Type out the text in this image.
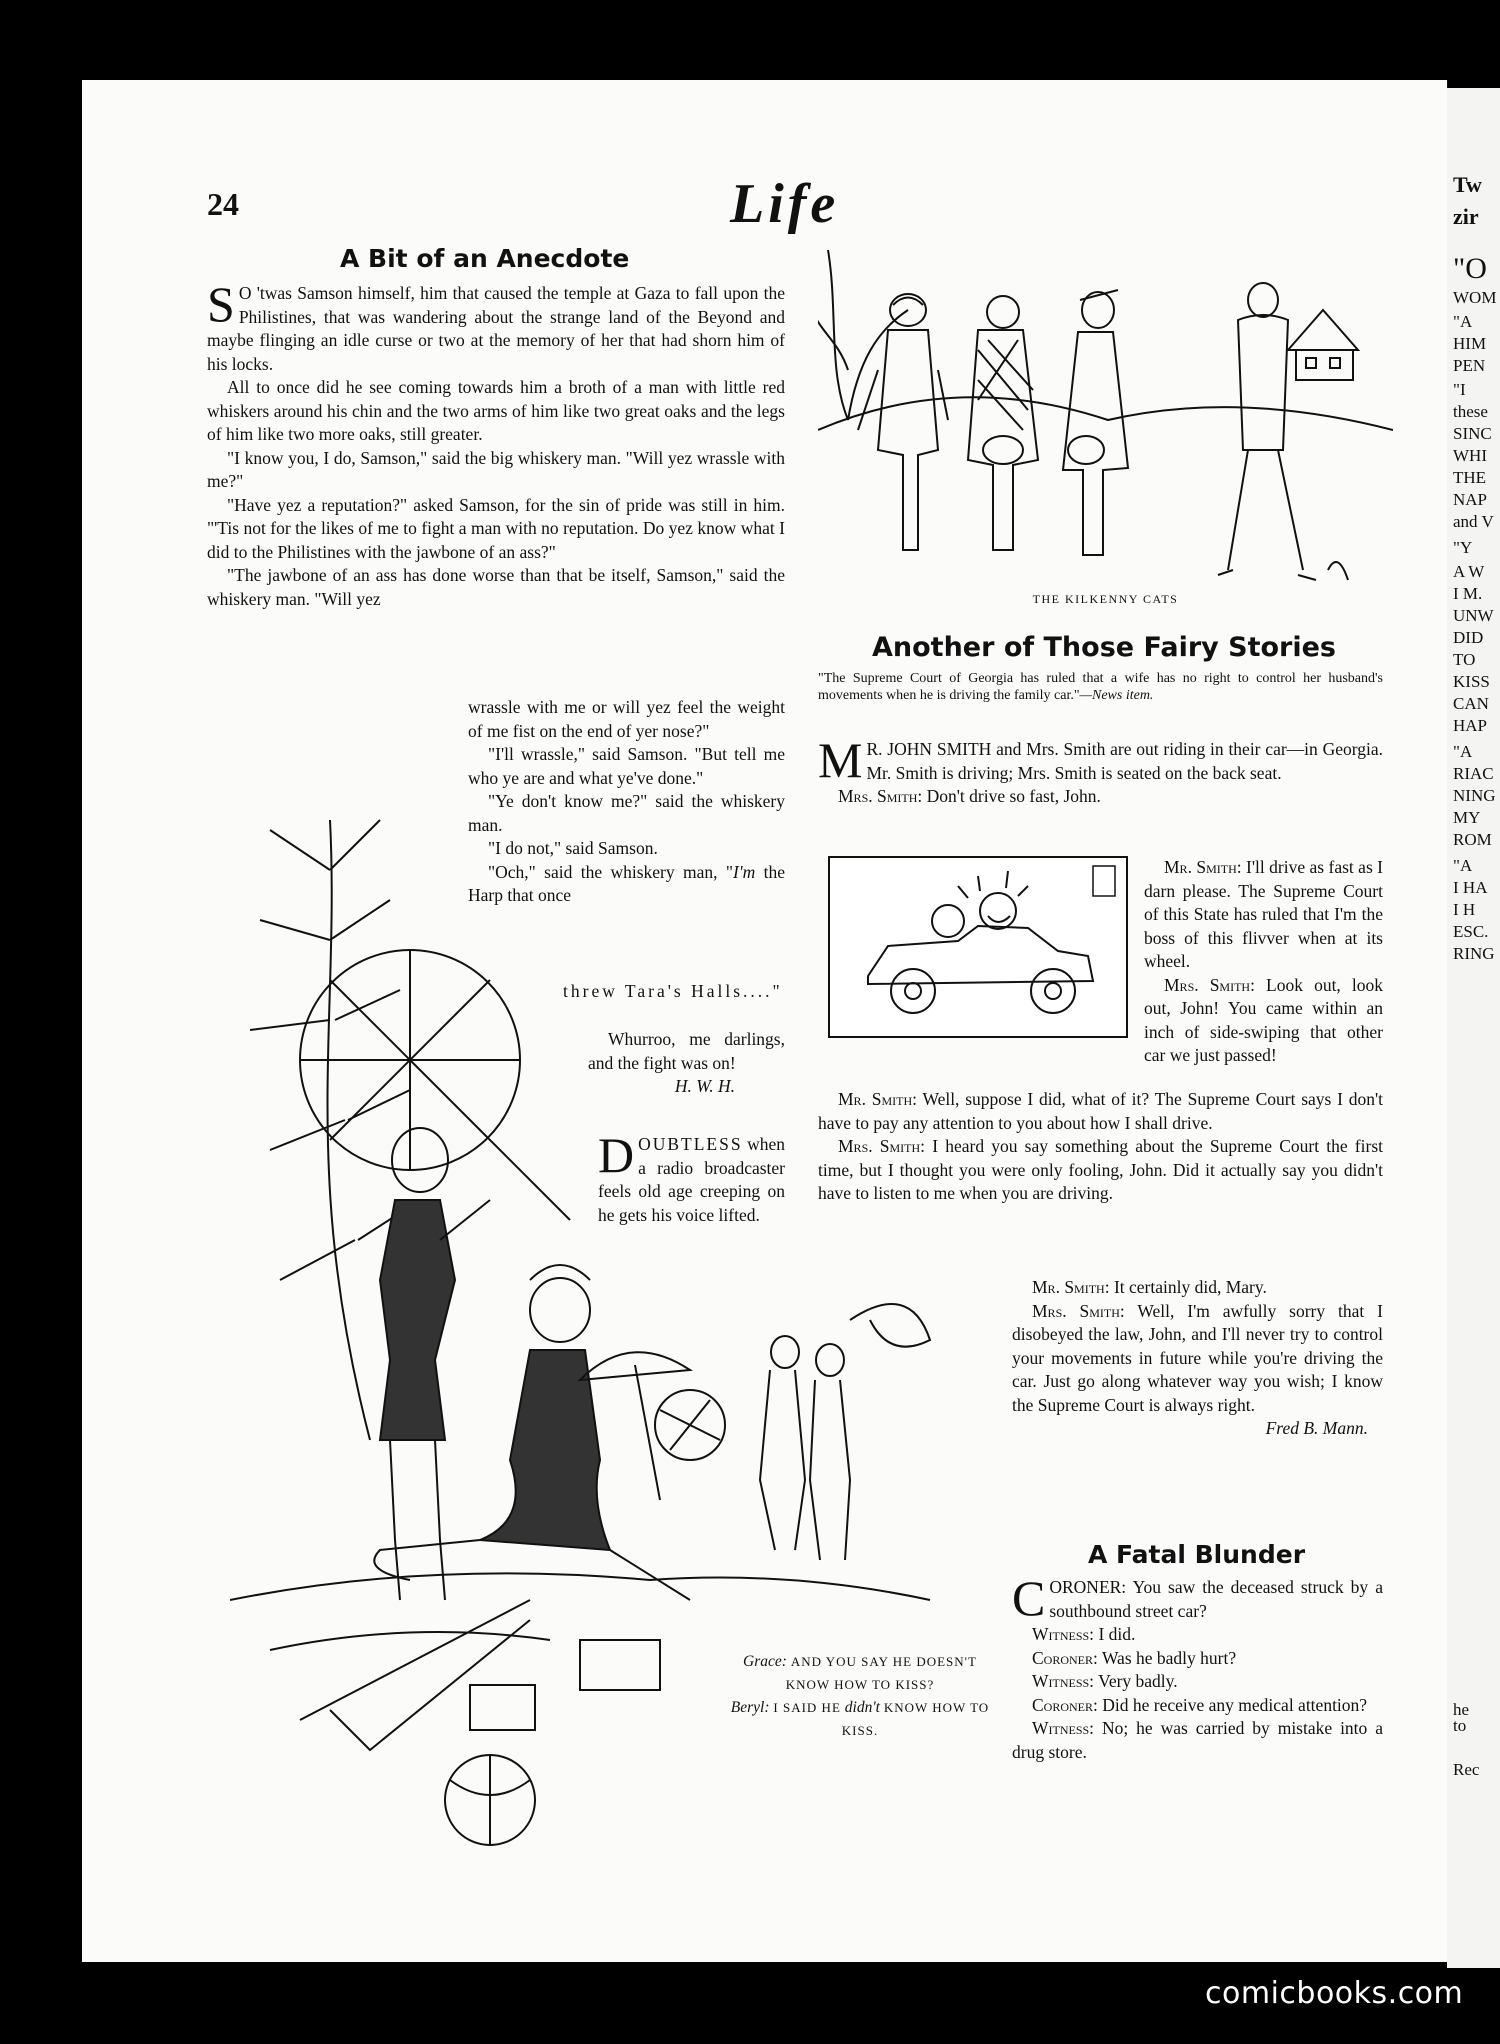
Tw
zir
"O
WOM
"A
HIM
PEN
"I
these
SINC
WHI
THE
NAP
and V
"Y
A W
I M.
UNW
DID
TO
KISS
CAN
HAP
"A
RIAC
NING
MY
ROM
"A
I HA
I H
ESC.
RING
he
to
Rec
24	Life
A Bit of an Anecdote

S O 'twas Samson himself, him that caused the temple at Gaza to fall upon the Philistines, that was wandering about the strange land of the Beyond and maybe flinging an idle curse or two at the memory of her that had shorn him of his locks.

All to once did he see coming towards him a broth of a man with little red whiskers around his chin and the two arms of him like two great oaks and the legs of him like two more oaks, still greater.

"I know you, I do, Samson," said the big whiskery man. "Will yez wrassle with me?"

"Have yez a reputation?" asked Samson, for the sin of pride was still in him. "'Tis not for the likes of me to fight a man with no reputation. Do yez know what I did to the Philistines with the jawbone of an ass?"

"The jawbone of an ass has done worse than that be itself, Samson," said the whiskery man. "Will yez

wrassle with me or will yez feel the weight of me fist on the end of yer nose?"

"I'll wrassle," said Samson. "But tell me who ye are and what ye've done."

"Ye don't know me?" said the whiskery man.

"I do not," said Samson.

"Och," said the whiskery man, "I'm the Harp that once

threw Tara's Halls...."

Whurroo, me darlings, and the fight was on!

H. W. H.
DOUBTLESS when a radio broadcaster feels old age creeping on he gets his voice lifted.
THE KILKENNY CATS
Another of Those Fairy Stories
"The Supreme Court of Georgia has ruled that a wife has no right to control her husband's movements when he is driving the family car."—News item.

M R. JOHN SMITH and Mrs. Smith are out riding in their car—in Georgia. Mr. Smith is driving; Mrs. Smith is seated on the back seat.

Mrs. Smith: Don't drive so fast, John.

Mr. Smith: I'll drive as fast as I darn please. The Supreme Court of this State has ruled that I'm the boss of this flivver when at its wheel.

Mrs. Smith: Look out, look out, John! You came within an inch of side-swiping that other car we just passed!

Mr. Smith: Well, suppose I did, what of it? The Supreme Court says I don't have to pay any attention to you about how I shall drive.

Mrs. Smith: I heard you say something about the Supreme Court the first time, but I thought you were only fooling, John. Did it actually say you didn't have to listen to me when you are driving.

Mr. Smith: It certainly did, Mary.

Mrs. Smith: Well, I'm awfully sorry that I disobeyed the law, John, and I'll never try to control your movements in future while you're driving the car. Just go along whatever way you wish; I know the Supreme Court is always right.

Fred B. Mann.
A Fatal Blunder

CORONER: You saw the deceased struck by a southbound street car?

Witness: I did.

Coroner: Was he badly hurt?

Witness: Very badly.

Coroner: Did he receive any medical attention?

Witness: No; he was carried by mistake into a drug store.

Grace: AND YOU SAY HE DOESN'T KNOW HOW TO KISS?
Beryl: I SAID HE didn't KNOW HOW TO KISS.
comicbooks.com
